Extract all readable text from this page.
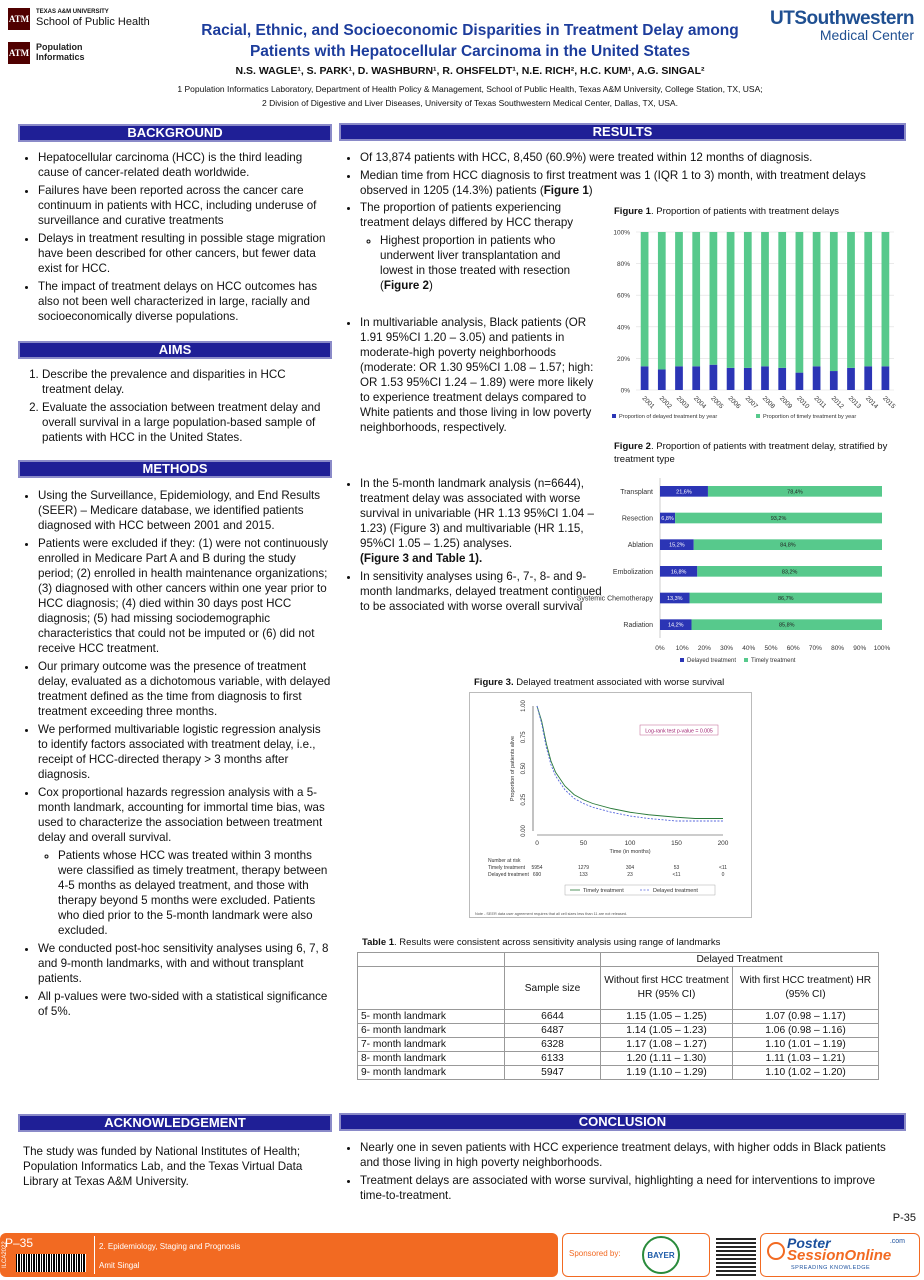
ATM
TEXAS A&M UNIVERSITY
School of Public Health
ATM
Population
Informatics
UTSouthwestern
Medical Center
Racial, Ethnic, and Socioeconomic Disparities in Treatment Delay among
Patients with Hepatocellular Carcinoma in the United States
N.S. WAGLE¹, S. PARK¹, D. WASHBURN¹, R. OHSFELDT¹, N.E. RICH², H.C. KUM¹, A.G. SINGAL²
1 Population Informatics Laboratory, Department of Health Policy & Management, School of Public Health, Texas A&M University, College Station, TX, USA;
2 Division of Digestive and Liver Diseases, University of Texas Southwestern Medical Center, Dallas, TX, USA.
BACKGROUND
• Hepatocellular carcinoma (HCC) is the third leading cause of cancer-related death worldwide.
• Failures have been reported across the cancer care continuum in patients with HCC, including underuse of surveillance and curative treatments
• Delays in treatment resulting in possible stage migration have been described for other cancers, but fewer data exist for HCC.
• The impact of treatment delays on HCC outcomes has also not been well characterized in large, racially and socioeconomically diverse populations.
AIMS
1. Describe the prevalence and disparities in HCC treatment delay.
2. Evaluate the association between treatment delay and overall survival in a large population-based sample of patients with HCC in the United States.
METHODS
• Using the Surveillance, Epidemiology, and End Results (SEER) – Medicare database, we identified patients diagnosed with HCC between 2001 and 2015.
• Patients were excluded if they: (1) were not continuously enrolled in Medicare Part A and B during the study period; (2) enrolled in health maintenance organizations; (3) diagnosed with other cancers within one year prior to HCC diagnosis; (4) died within 30 days post HCC diagnosis; (5) had missing sociodemographic characteristics that could not be imputed or (6) did not receive HCC treatment.
• Our primary outcome was the presence of treatment delay, evaluated as a dichotomous variable, with delayed treatment defined as the time from diagnosis to first treatment exceeding three months.
• We performed multivariable logistic regression analysis to identify factors associated with treatment delay, i.e., receipt of HCC-directed therapy > 3 months after diagnosis.
• Cox proportional hazards regression analysis with a 5-month landmark, accounting for immortal time bias, was used to characterize the association between treatment delay and overall survival.
◦ Patients whose HCC was treated within 3 months were classified as timely treatment, therapy between 4-5 months as delayed treatment, and those with therapy beyond 5 months were excluded. Patients who died prior to the 5-month landmark were also excluded.
• We conducted post-hoc sensitivity analyses using 6, 7, 8 and 9-month landmarks, with and without transplant patients.
• All p-values were two-sided with a statistical significance of 5%.
ACKNOWLEDGEMENT
The study was funded by National Institutes of Health; Population Informatics Lab, and the Texas Virtual Data Library at Texas A&M University.
RESULTS
• Of 13,874 patients with HCC, 8,450 (60.9%) were treated within 12 months of diagnosis.
• Median time from HCC diagnosis to first treatment was 1 (IQR 1 to 3) month, with treatment delays observed in 1205 (14.3%) patients (Figure 1)
• The proportion of patients experiencing treatment delays differed by HCC therapy
◦ Highest proportion in patients who underwent liver transplantation and lowest in those treated with resection (Figure 2)
• In multivariable analysis, Black patients (OR 1.91 95%CI 1.20 – 3.05) and patients in moderate-high poverty neighborhoods (moderate: OR 1.30 95%CI 1.08 – 1.57; high: OR 1.53 95%CI 1.24 – 1.89) were more likely to experience treatment delays compared to White patients and those living in low poverty neighborhoods, respectively.
• In the 5-month landmark analysis (n=6644), treatment delay was associated with worse survival in univariable (HR 1.13 95%CI 1.04 – 1.23) (Figure 3) and multivariable (HR 1.15, 95%CI 1.05 – 1.25) analyses.
(Figure 3 and Table 1).
• In sensitivity analyses using 6-, 7-, 8- and 9-month landmarks, delayed treatment continued to be associated with worse overall survival
Figure 1. Proportion of patients with treatment delays
0%
20%
40%
60%
80%
100%
2001 2002 2003 2004 2005 2006 2007 2008 2009 2010 2011 2012 2013 2014 2015
Proportion of delayed treatment by year	Proportion of timely treatment by year
Figure 2. Proportion of patients with treatment delay, stratified by treatment type
0% 10% 20% 30% 40% 50% 60% 70% 80% 90% 100%
21,6%	78,4%
Transplant
6,8%	93,2%
Resection
15,2%	84,8%
Ablation
16,8%	83,2%
Embolization
13,3%	86,7%
Systemic Chemotherapy
14,2%	85,8%
Radiation
Delayed treatment Timely treatment
Figure 3. Delayed treatment associated with worse survival
0.00
0.25
0.50
0.75
1.00
0	50	100	150	200
Time (in months)
Proportion of patients alive
Log-rank test p-value = 0.005
Number at risk
Timely treatment 5954	1279	304	53	<11
Delayed treatment 690	133	23	<11	0
Timely treatment	Delayed treatment
Note - SEER data user agreement requires that all cell sizes less than 11 are not released.
Table 1. Results were consistent across sensitivity analysis using range of landmarks
		Delayed Treatment	
	Sample size	Without first HCC treatment HR (95% CI)	With first HCC treatment) HR (95% CI)
5- month landmark	6644	1.15 (1.05 – 1.25)	1.07 (0.98 – 1.17)
6- month landmark	6487	1.14 (1.05 – 1.23)	1.06 (0.98 – 1.16)
7- month landmark	6328	1.17 (1.08 – 1.27)	1.10 (1.01 – 1.19)
8- month landmark	6133	1.20 (1.11 – 1.30)	1.11 (1.03 – 1.21)
9- month landmark	5947	1.19 (1.10 – 1.29)	1.10 (1.02 – 1.20)
CONCLUSION
• Nearly one in seven patients with HCC experience treatment delays, with higher odds in Black patients and those living in high poverty neighborhoods.
• Treatment delays are associated with worse survival, highlighting a need for interventions to improve time-to-treatment.
P-35
ILCA2022
P–35	2. Epidemiology, Staging and Prognosis
Amit Singal
Sponsored by:	BAYER
Poster
SessionOnline
.com
SPREADING KNOWLEDGE
